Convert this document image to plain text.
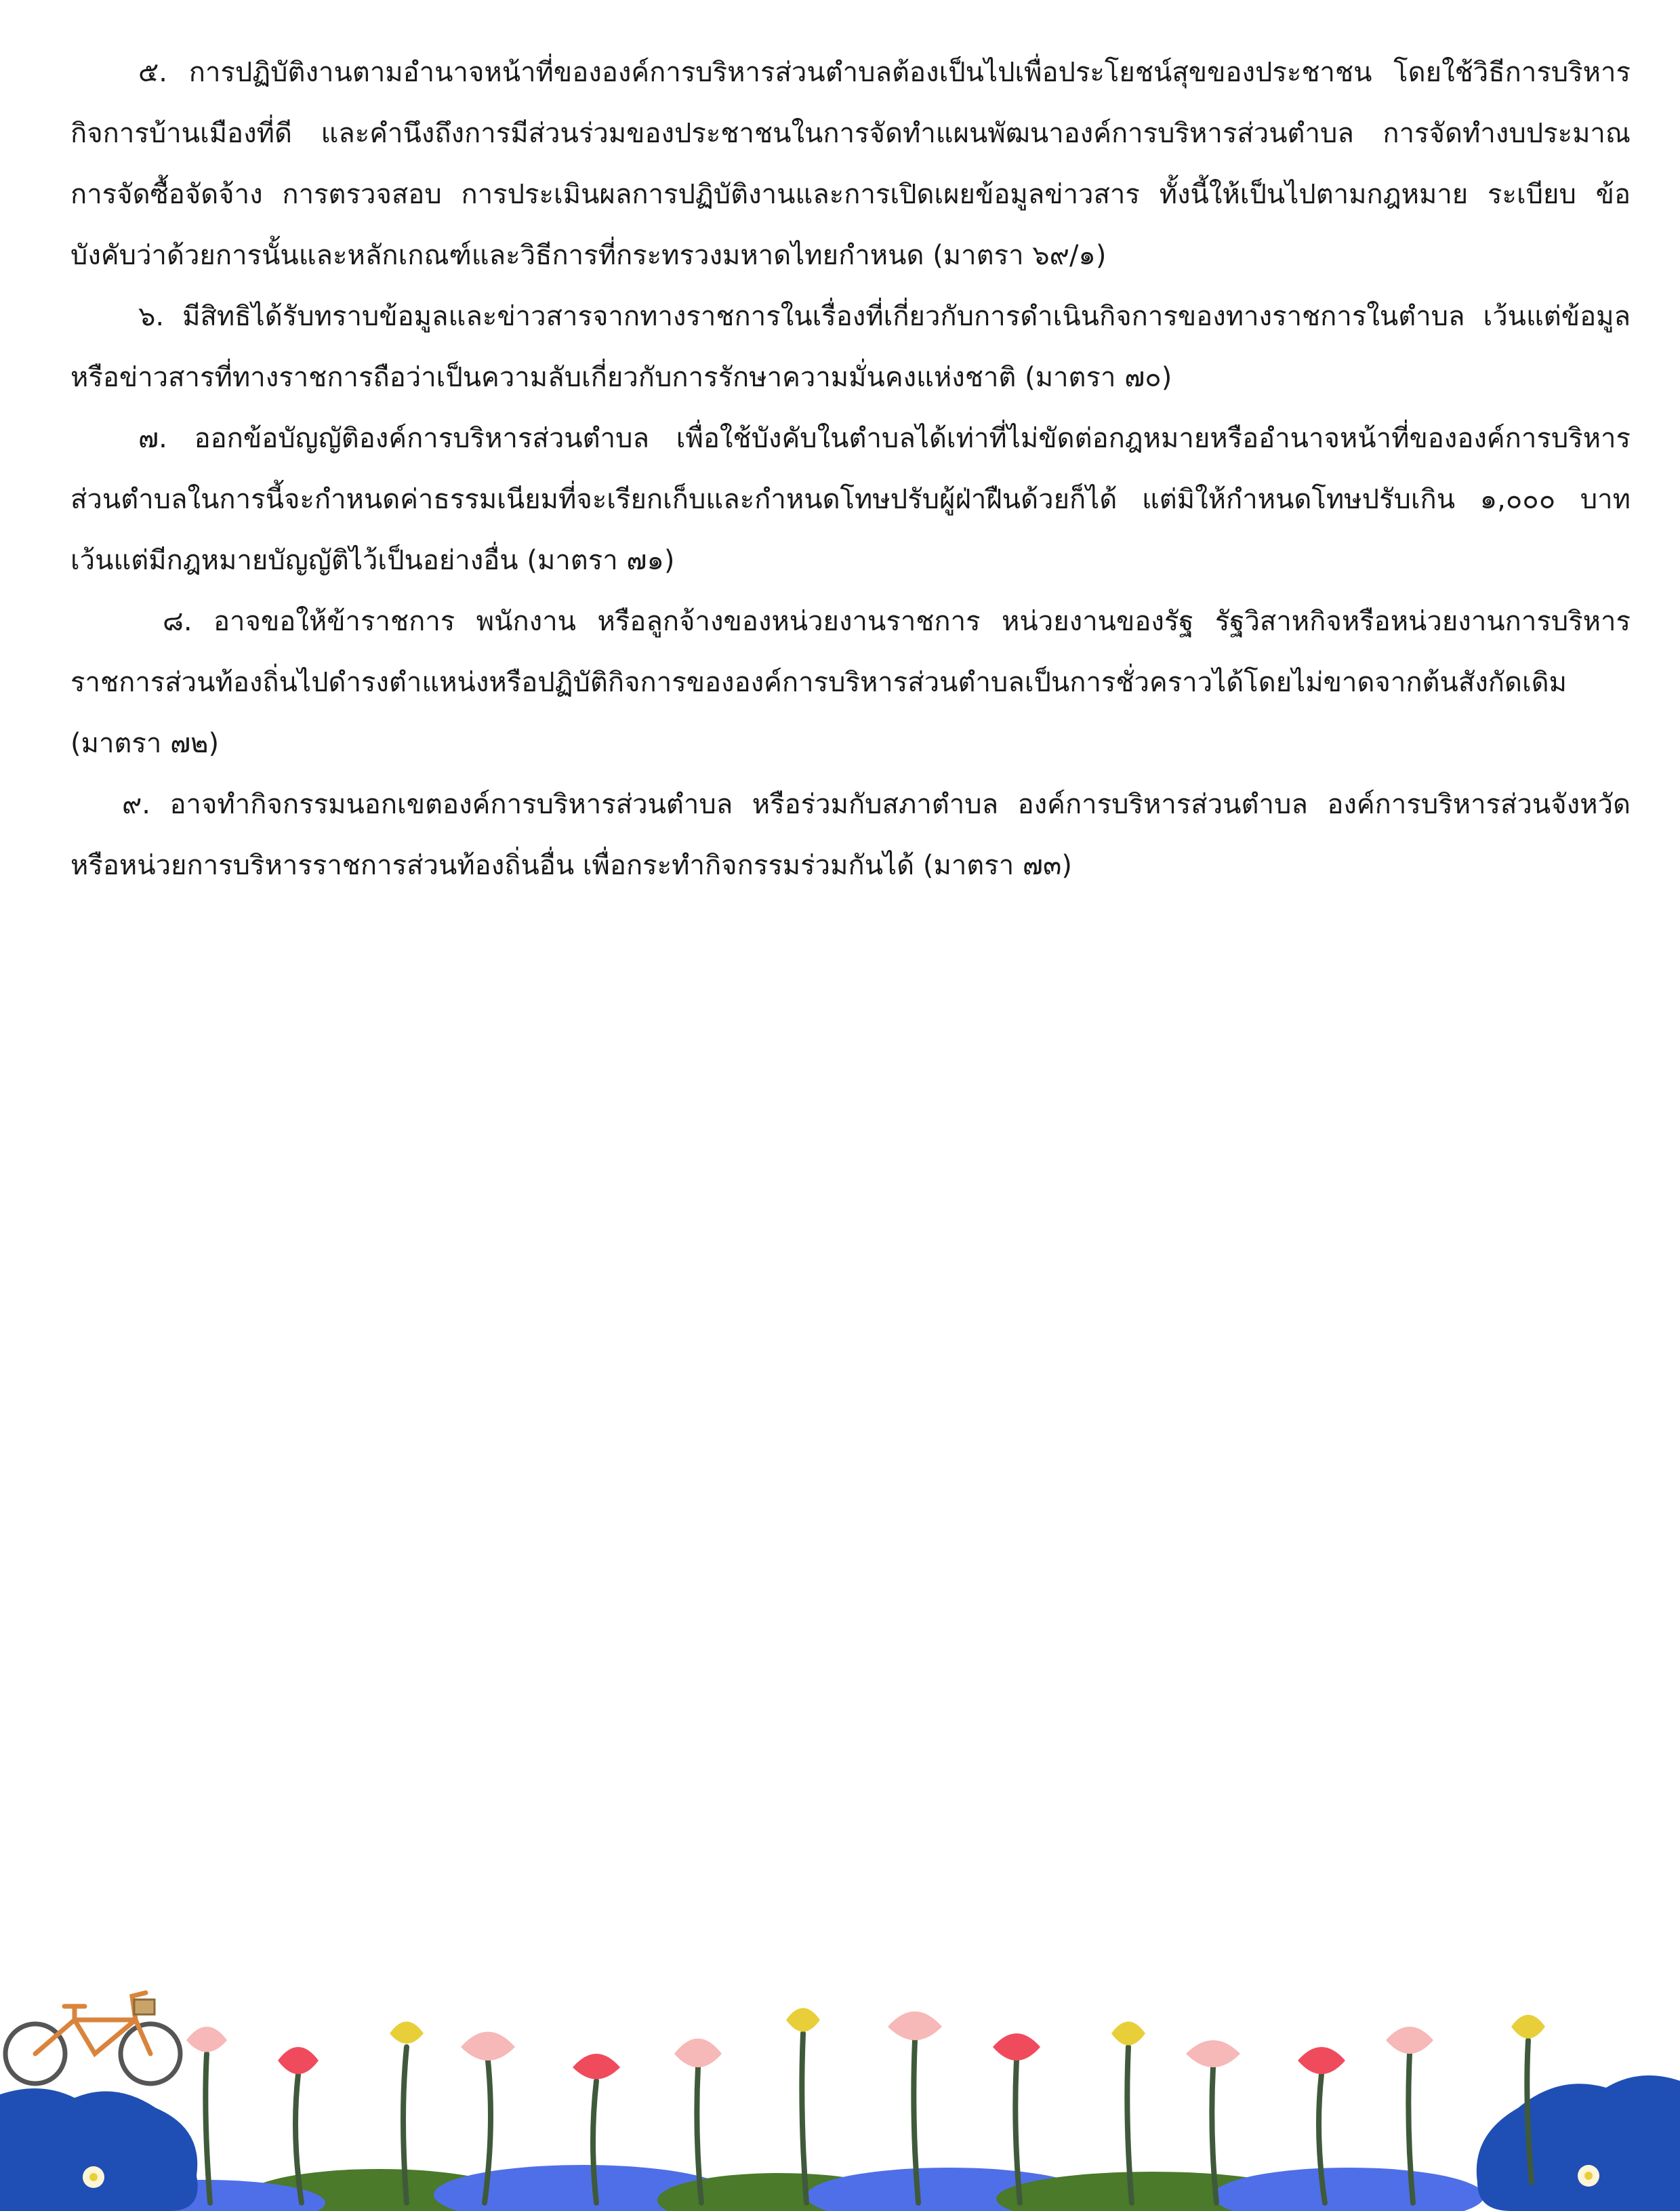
๕. การปฏิบัติงานตามอำนาจหน้าที่ขององค์การบริหารส่วนตำบลต้องเป็นไปเพื่อประโยชน์สุขของประชาชน โดยใช้วิธีการบริหารกิจการบ้านเมืองที่ดี และคำนึงถึงการมีส่วนร่วมของประชาชนในการจัดทำแผนพัฒนาองค์การบริหารส่วนตำบล การจัดทำงบประมาณ การจัดซื้อจัดจ้าง การตรวจสอบ การประเมินผลการปฏิบัติงานและการเปิดเผยข้อมูลข่าวสาร ทั้งนี้ให้เป็นไปตามกฎหมาย ระเบียบ ข้อบังคับว่าด้วยการนั้นและหลักเกณฑ์และวิธีการที่กระทรวงมหาดไทยกำหนด (มาตรา ๖๙/๑)

๖. มีสิทธิได้รับทราบข้อมูลและข่าวสารจากทางราชการในเรื่องที่เกี่ยวกับการดำเนินกิจการของทางราชการในตำบล เว้นแต่ข้อมูลหรือข่าวสารที่ทางราชการถือว่าเป็นความลับเกี่ยวกับการรักษาความมั่นคงแห่งชาติ (มาตรา ๗๐)

๗. ออกข้อบัญญัติองค์การบริหารส่วนตำบล เพื่อใช้บังคับในตำบลได้เท่าที่ไม่ขัดต่อกฎหมายหรืออำนาจหน้าที่ขององค์การบริหารส่วนตำบลในการนี้จะกำหนดค่าธรรมเนียมที่จะเรียกเก็บและกำหนดโทษปรับผู้ฝ่าฝืนด้วยก็ได้ แต่มิให้กำหนดโทษปรับเกิน ๑,๐๐๐ บาท เว้นแต่มีกฎหมายบัญญัติไว้เป็นอย่างอื่น (มาตรา ๗๑)

๘. อาจขอให้ข้าราชการ พนักงาน หรือลูกจ้างของหน่วยงานราชการ หน่วยงานของรัฐ รัฐวิสาหกิจหรือหน่วยงานการบริหารราชการส่วนท้องถิ่นไปดำรงตำแหน่งหรือปฏิบัติกิจการขององค์การบริหารส่วนตำบลเป็นการชั่วคราวได้โดยไม่ขาดจากต้นสังกัดเดิม (มาตรา ๗๒)

๙. อาจทำกิจกรรมนอกเขตองค์การบริหารส่วนตำบล หรือร่วมกับสภาตำบล องค์การบริหารส่วนตำบล องค์การบริหารส่วนจังหวัด หรือหน่วยการบริหารราชการส่วนท้องถิ่นอื่น เพื่อกระทำกิจกรรมร่วมกันได้ (มาตรา ๗๓)
